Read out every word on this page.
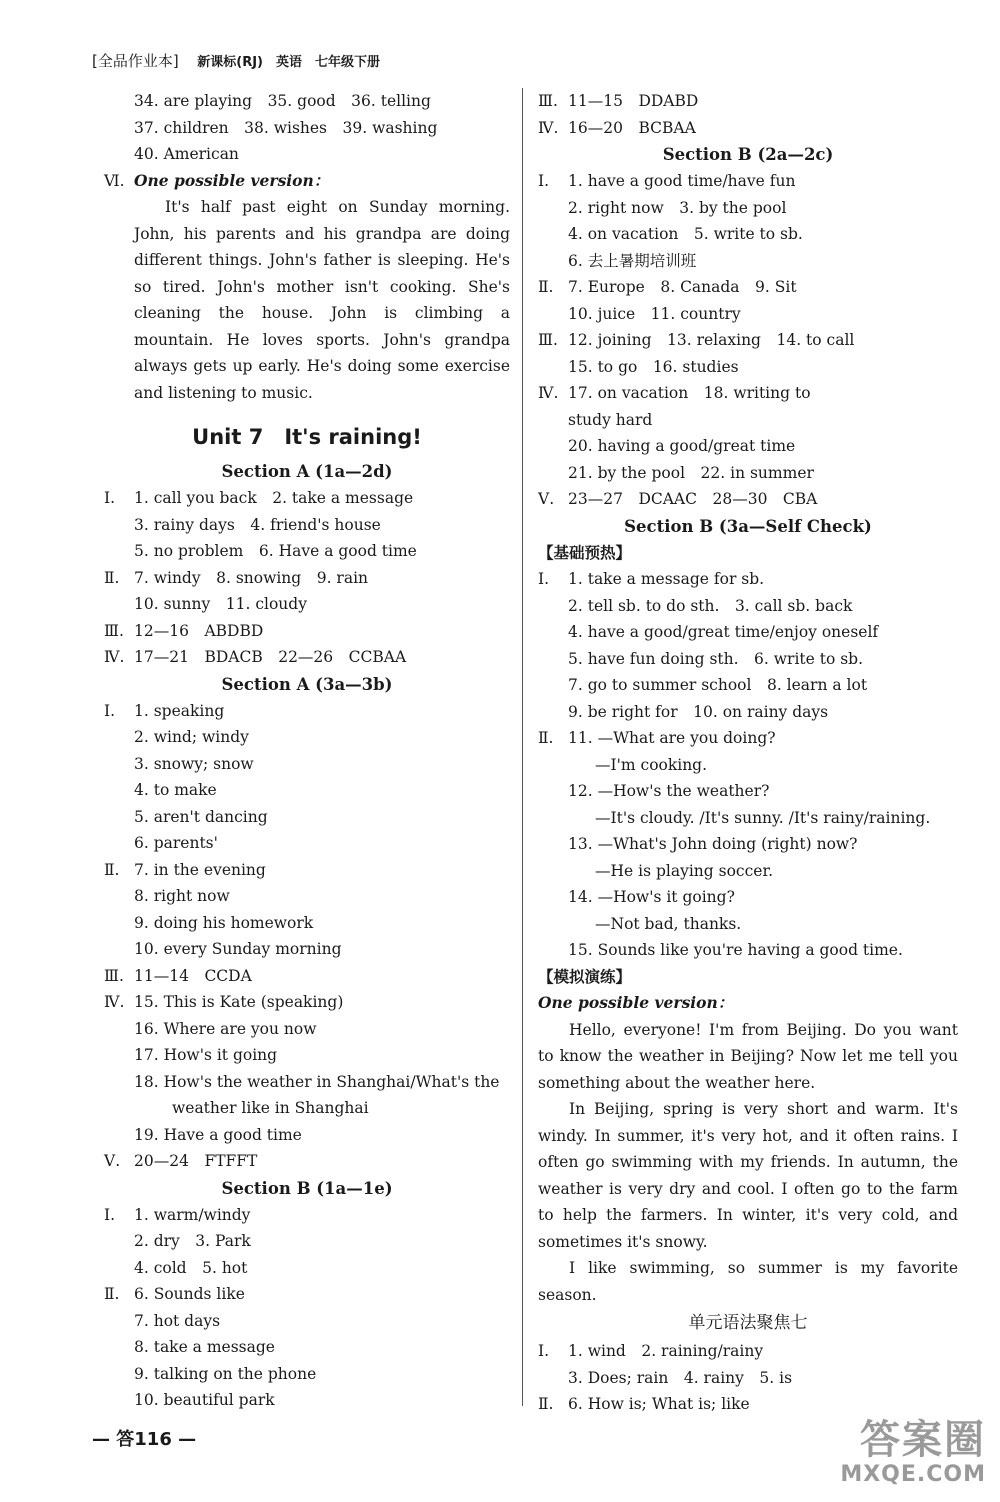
[全品作业本] 新课标(RJ)　英语　七年级下册
34. are playing　35. good　36. telling
37. children　38. wishes　39. washing
40. American
Ⅵ. One possible version：

It's half past eight on Sunday morning. John, his parents and his grandpa are doing different things. John's father is sleeping. He's so tired. John's mother isn't cooking. She's cleaning the house. John is climbing a mountain. He loves sports. John's grandpa always gets up early. He's doing some exercise and listening to music.

Unit 7　It's raining!
Section A (1a—2d)
Ⅰ. 1. call you back　2. take a message
3. rainy days　4. friend's house
5. no problem　6. Have a good time
Ⅱ. 7. windy　8. snowing　9. rain
10. sunny　11. cloudy
Ⅲ. 12—16　ABDBD
Ⅳ. 17—21　BDACB　22—26　CCBAA
Section A (3a—3b)
Ⅰ. 1. speaking
2. wind; windy
3. snowy; snow
4. to make
5. aren't dancing
6. parents'
Ⅱ. 7. in the evening
8. right now
9. doing his homework
10. every Sunday morning
Ⅲ. 11—14　CCDA
Ⅳ. 15. This is Kate (speaking)
16. Where are you now
17. How's it going
18. How's the weather in Shanghai/What's the
weather like in Shanghai
19. Have a good time
Ⅴ. 20—24　FTFFT
Section B (1a—1e)
Ⅰ. 1. warm/windy
2. dry　3. Park
4. cold　5. hot
Ⅱ. 6. Sounds like
7. hot days
8. take a message
9. talking on the phone
10. beautiful park
Ⅲ. 11—15　DDABD
Ⅳ. 16—20　BCBAA
Section B (2a—2c)
Ⅰ. 1. have a good time/have fun
2. right now　3. by the pool
4. on vacation　5. write to sb.
6. 去上暑期培训班
Ⅱ. 7. Europe　8. Canada　9. Sit
10. juice　11. country
Ⅲ. 12. joining　13. relaxing　14. to call
15. to go　16. studies
Ⅳ. 17. on vacation　18. writing to
study hard
20. having a good/great time
21. by the pool　22. in summer
Ⅴ. 23—27　DCAAC　28—30　CBA
Section B (3a—Self Check)
【基础预热】
Ⅰ. 1. take a message for sb.
2. tell sb. to do sth.　3. call sb. back
4. have a good/great time/enjoy oneself
5. have fun doing sth.　6. write to sb.
7. go to summer school　8. learn a lot
9. be right for　10. on rainy days
Ⅱ. 11. —What are you doing?
—I'm cooking.
12. —How's the weather?
—It's cloudy. /It's sunny. /It's rainy/raining.
13. —What's John doing (right) now?
—He is playing soccer.
14. —How's it going?
—Not bad, thanks.
15. Sounds like you're having a good time.
【模拟演练】
One possible version：

Hello, everyone! I'm from Beijing. Do you want to know the weather in Beijing? Now let me tell you something about the weather here.

In Beijing, spring is very short and warm. It's windy. In summer, it's very hot, and it often rains. I often go swimming with my friends. In autumn, the weather is very dry and cool. I often go to the farm to help the farmers. In winter, it's very cold, and sometimes it's snowy.

I like swimming, so summer is my favorite season.

单元语法聚焦七
Ⅰ. 1. wind　2. raining/rainy
3. Does; rain　4. rainy　5. is
Ⅱ. 6. How is; What is; like
— 答116 —	答案圈
MXQE.COM
